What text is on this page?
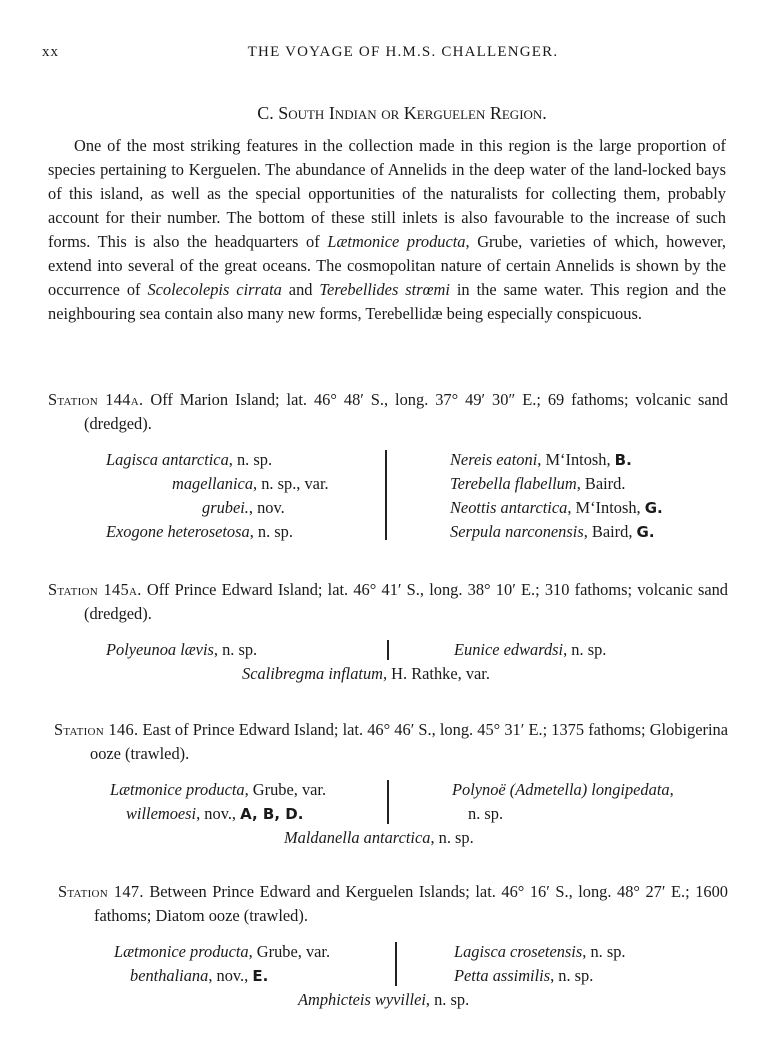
xx	THE VOYAGE OF H.M.S. CHALLENGER.
C. South Indian or Kerguelen Region.

One of the most striking features in the collection made in this region is the large proportion of species pertaining to Kerguelen. The abundance of Annelids in the deep water of the land-locked bays of this island, as well as the special opportunities of the naturalists for collecting them, probably account for their number. The bottom of these still inlets is also favourable to the increase of such forms. This is also the headquarters of Lætmonice producta, Grube, varieties of which, however, extend into several of the great oceans. The cosmopolitan nature of certain Annelids is shown by the occurrence of Scolecolepis cirrata and Terebellides strœmi in the same water. This region and the neighbouring sea contain also many new forms, Terebellidæ being especially conspicuous.

Station 144a. Off Marion Island; lat. 46° 48′ S., long. 37° 49′ 30″ E.; 69 fathoms; volcanic sand (dredged).

Lagisca antarctica, n. sp.
magellanica, n. sp., var.
grubei., nov.
Exogone heterosetosa, n. sp.
Nereis eatoni, M‘Intosh, B.
Terebella flabellum, Baird.
Neottis antarctica, M‘Intosh, G.
Serpula narconensis, Baird, G.

Station 145a. Off Prince Edward Island; lat. 46° 41′ S., long. 38° 10′ E.; 310 fathoms; volcanic sand (dredged).

Polyeunoa lævis, n. sp.	Eunice edwardsi, n. sp.
Scalibregma inflatum, H. Rathke, var.

Station 146. East of Prince Edward Island; lat. 46° 46′ S., long. 45° 31′ E.; 1375 fathoms; Globigerina ooze (trawled).

Lætmonice producta, Grube, var.
willemoesi, nov., A, B, D.
Polynoë (Admetella) longipedata,
n. sp.
Maldanella antarctica, n. sp.

Station 147. Between Prince Edward and Kerguelen Islands; lat. 46° 16′ S., long. 48° 27′ E.; 1600 fathoms; Diatom ooze (trawled).

Lætmonice producta, Grube, var.
benthaliana, nov., E.
Lagisca crosetensis, n. sp.
Petta assimilis, n. sp.
Amphicteis wyvillei, n. sp.
